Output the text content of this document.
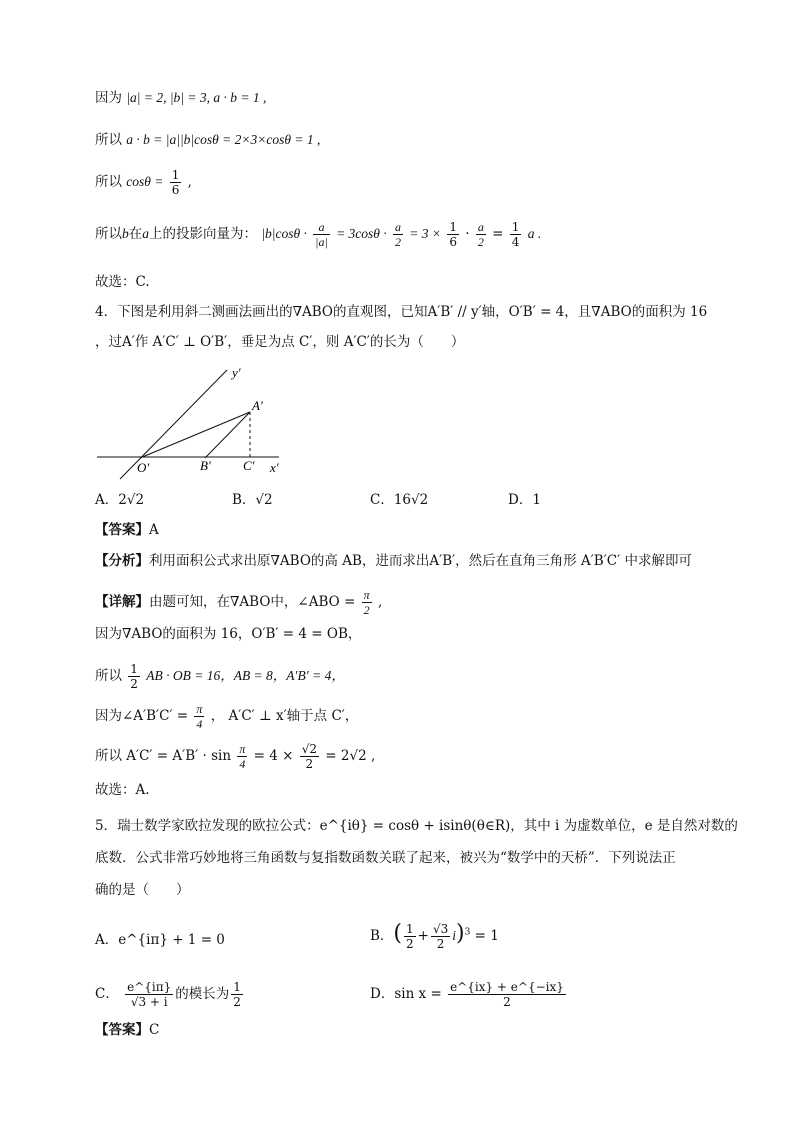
因为 |a| = 2, |b| = 3, a · b = 1 ,
所以 a · b = |a||b|cosθ = 2×3×cosθ = 1 ,
所以 $\cos\theta = \frac{1}{6}$ ,
所以b在a上的投影向量为： $|b|\cos\theta \cdot \frac{a}{|a|} = 3\cos\theta \cdot \frac{a}{2} = 3 \times \frac{1}{6} \cdot \frac{a}{2} = \frac{1}{4}$ a .
故选：C.
4．下图是利用斜二测画法画出的∇ABO的直观图，已知A′B′ // y′轴，O′B′ = 4，且∇ABO的面积为 16
，过A′作 A′C′ ⊥ O′B′，垂足为点 C′，则 A′C′的长为（　　）
y′
A′
O′	B′ C′ x′
A．2√2	B．√2	C．16√2	D．1
【答案】A
【分析】利用面积公式求出原∇ABO的高 AB，进而求出A′B′，然后在直角三角形 A′B′C′ 中求解即可
【详解】由题可知，在∇ABO中，∠ABO = $\frac{\pi}{2}$ ,
因为∇ABO的面积为 16，O′B′ = 4 = OB，
所以 $\frac{1}{2}$ AB · OB = 16，AB = 8，A′B′ = 4，
因为∠A′B′C′ = $\frac{\pi}{4}$ ， A′C′ ⊥ x′轴于点 C′，
所以 $A'C' = A'B' \cdot \sin \frac{\pi}{4} = 4 \times \frac{√2}{2} = 2√2$ ,
故选：A.
5．瑞士数学家欧拉发现的欧拉公式：e^{iθ} = cosθ + isinθ(θ∈R)，其中 i 为虚数单位，e 是自然对数的
底数．公式非常巧妙地将三角函数与复指数函数关联了起来，被兴为“数学中的天桥”．下列说法正
确的是（　　）
A．e^{iπ} + 1 = 0	B．( $\frac{1}{2} + \frac{√3}{2} i)^3 = 1$
C． $\frac{e\^{}\{i\pi\}}{√3 + i}$ 的模长为 $\frac{1}{2}$	D．$\sin x = \frac{e\^{}\{ix\} + e\^{}\{-ix\}}{2}$
【答案】C
